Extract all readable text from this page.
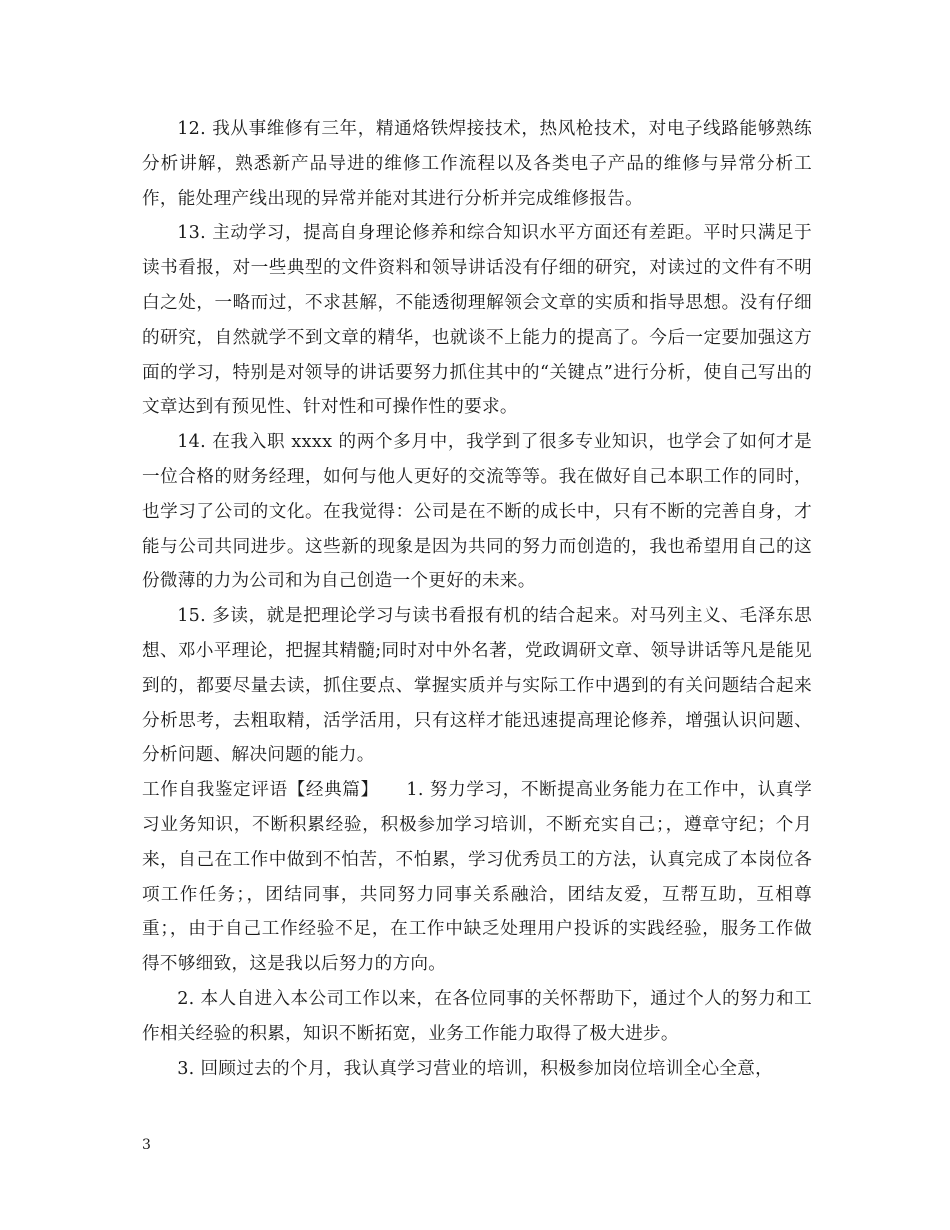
12. 我从事维修有三年，精通烙铁焊接技术，热风枪技术，对电子线路能够熟练分析讲解，熟悉新产品导进的维修工作流程以及各类电子产品的维修与异常分析工作，能处理产线出现的异常并能对其进行分析并完成维修报告。

13. 主动学习，提高自身理论修养和综合知识水平方面还有差距。平时只满足于读书看报，对一些典型的文件资料和领导讲话没有仔细的研究，对读过的文件有不明白之处，一略而过，不求甚解，不能透彻理解领会文章的实质和指导思想。没有仔细的研究，自然就学不到文章的精华，也就谈不上能力的提高了。今后一定要加强这方面的学习，特别是对领导的讲话要努力抓住其中的“关键点”进行分析，使自己写出的文章达到有预见性、针对性和可操作性的要求。

14. 在我入职 xxxx 的两个多月中，我学到了很多专业知识，也学会了如何才是一位合格的财务经理，如何与他人更好的交流等等。我在做好自己本职工作的同时，也学习了公司的文化。在我觉得：公司是在不断的成长中，只有不断的完善自身，才能与公司共同进步。这些新的现象是因为共同的努力而创造的，我也希望用自己的这份微薄的力为公司和为自己创造一个更好的未来。

15. 多读，就是把理论学习与读书看报有机的结合起来。对马列主义、毛泽东思想、邓小平理论，把握其精髓;同时对中外名著，党政调研文章、领导讲话等凡是能见到的，都要尽量去读，抓住要点、掌握实质并与实际工作中遇到的有关问题结合起来分析思考，去粗取精，活学活用，只有这样才能迅速提高理论修养，增强认识问题、分析问题、解决问题的能力。

工作自我鉴定评语【经典篇】　　1. 努力学习，不断提高业务能力在工作中，认真学习业务知识，不断积累经验，积极参加学习培训，不断充实自己；，遵章守纪；个月来，自己在工作中做到不怕苦，不怕累，学习优秀员工的方法，认真完成了本岗位各项工作任务；，团结同事，共同努力同事关系融洽，团结友爱，互帮互助，互相尊重；，由于自己工作经验不足，在工作中缺乏处理用户投诉的实践经验，服务工作做得不够细致，这是我以后努力的方向。

2. 本人自进入本公司工作以来，在各位同事的关怀帮助下，通过个人的努力和工作相关经验的积累，知识不断拓宽，业务工作能力取得了极大进步。

3. 回顾过去的个月，我认真学习营业的培训，积极参加岗位培训全心全意，

3
